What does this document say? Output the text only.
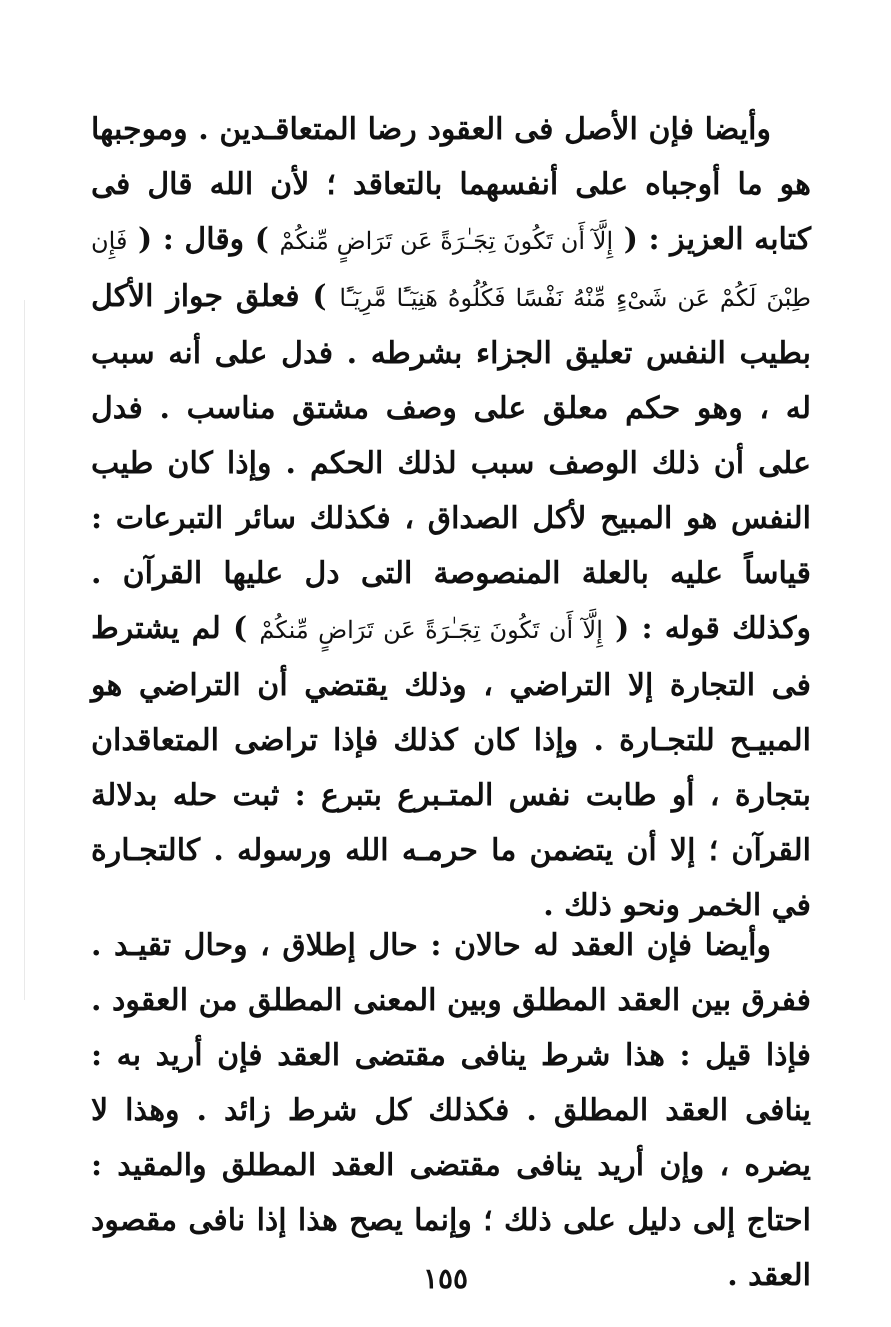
وأيضا فإن الأصل فى العقود رضا المتعاقـدين . وموجبها هو ما أوجباه على أنفسهما بالتعاقد ؛ لأن الله قال فى كتابه العزيز : ( إِلَّآ أَن تَكُونَ تِجَـٰرَةً عَن تَرَاضٍ مِّنكُمْ ) وقال : ( فَإِن طِبْنَ لَكُمْ عَن شَىْءٍ مِّنْهُ نَفْسًا فَكُلُوهُ هَنِيٓـًٔا مَّرِيٓـًٔا ) فعلق جواز الأكل بطيب النفس تعليق الجزاء بشرطه . فدل على أنه سبب له ، وهو حكم معلق على وصف مشتق مناسب . فدل على أن ذلك الوصف سبب لذلك الحكم . وإذا كان طيب النفس هو المبيح لأكل الصداق ، فكذلك سائر التبرعات : قياساً عليه بالعلة المنصوصة التى دل عليها القرآن . وكذلك قوله : ( إِلَّآ أَن تَكُونَ تِجَـٰرَةً عَن تَرَاضٍ مِّنكُمْ ) لم يشترط فى التجارة إلا التراضي ، وذلك يقتضي أن التراضي هو المبيـح للتجـارة . وإذا كان كذلك فإذا تراضى المتعاقدان بتجارة ، أو طابت نفس المتـبرع بتبرع : ثبت حله بدلالة القرآن ؛ إلا أن يتضمن ما حرمـه الله ورسوله . كالتجـارة في الخمر ونحو ذلك .

وأيضا فإن العقد له حالان : حال إطلاق ، وحال تقيـد . ففرق بين العقد المطلق وبين المعنى المطلق من العقود . فإذا قيل : هذا شرط ينافى مقتضى العقد فإن أريد به : ينافى العقد المطلق . فكذلك كل شرط زائد . وهذا لا يضره ، وإن أريد ينافى مقتضى العقد المطلق والمقيد : احتاج إلى دليل على ذلك ؛ وإنما يصح هذا إذا نافى مقصود العقد .

١٥٥
